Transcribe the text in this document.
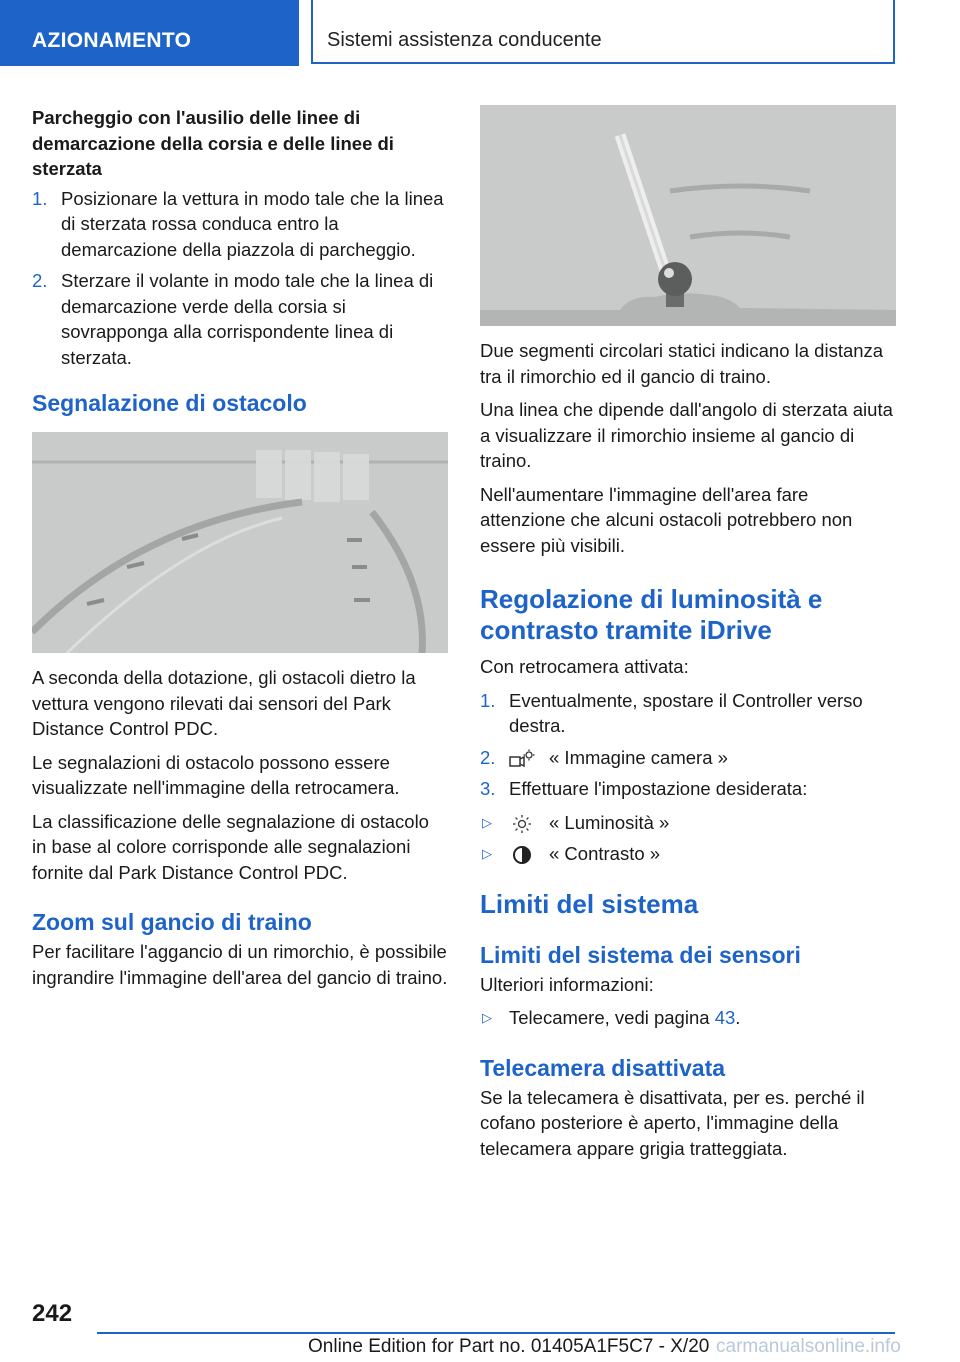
AZIONAMENTO	Sistemi assistenza conducente
Parcheggio con l'ausilio delle linee di demarcazione della corsia e delle linee di sterzata
1. Posizionare la vettura in modo tale che la linea di sterzata rossa conduca entro la demarcazione della piazzola di parcheggio.
2. Sterzare il volante in modo tale che la linea di demarcazione verde della corsia si sovrapponga alla corrispondente linea di sterzata.
Segnalazione di ostacolo

A seconda della dotazione, gli ostacoli dietro la vettura vengono rilevati dai sensori del Park Distance Control PDC.

Le segnalazioni di ostacolo possono essere visualizzate nell'immagine della retrocamera.

La classificazione delle segnalazione di ostacolo in base al colore corrisponde alle segnalazioni fornite dal Park Distance Control PDC.

Zoom sul gancio di traino

Per facilitare l'aggancio di un rimorchio, è possibile ingrandire l'immagine dell'area del gancio di traino.

Due segmenti circolari statici indicano la distanza tra il rimorchio ed il gancio di traino.

Una linea che dipende dall'angolo di sterzata aiuta a visualizzare il rimorchio insieme al gancio di traino.

Nell'aumentare l'immagine dell'area fare attenzione che alcuni ostacoli potrebbero non essere più visibili.

Regolazione di luminosità e contrasto tramite iDrive

Con retrocamera attivata:

1. Eventualmente, spostare il Controller verso destra.
2.	« Immagine camera »
3. Effettuare l'impostazione desiderata:
▷	« Luminosità »
▷	« Contrasto »
Limiti del sistema
Limiti del sistema dei sensori

Ulteriori informazioni:

▷ Telecamere, vedi pagina 43.
Telecamera disattivata

Se la telecamera è disattivata, per es. perché il cofano posteriore è aperto, l'immagine della telecamera appare grigia tratteggiata.

242
Online Edition for Part no. 01405A1F5C7 - X/20 carmanualsonline.info
